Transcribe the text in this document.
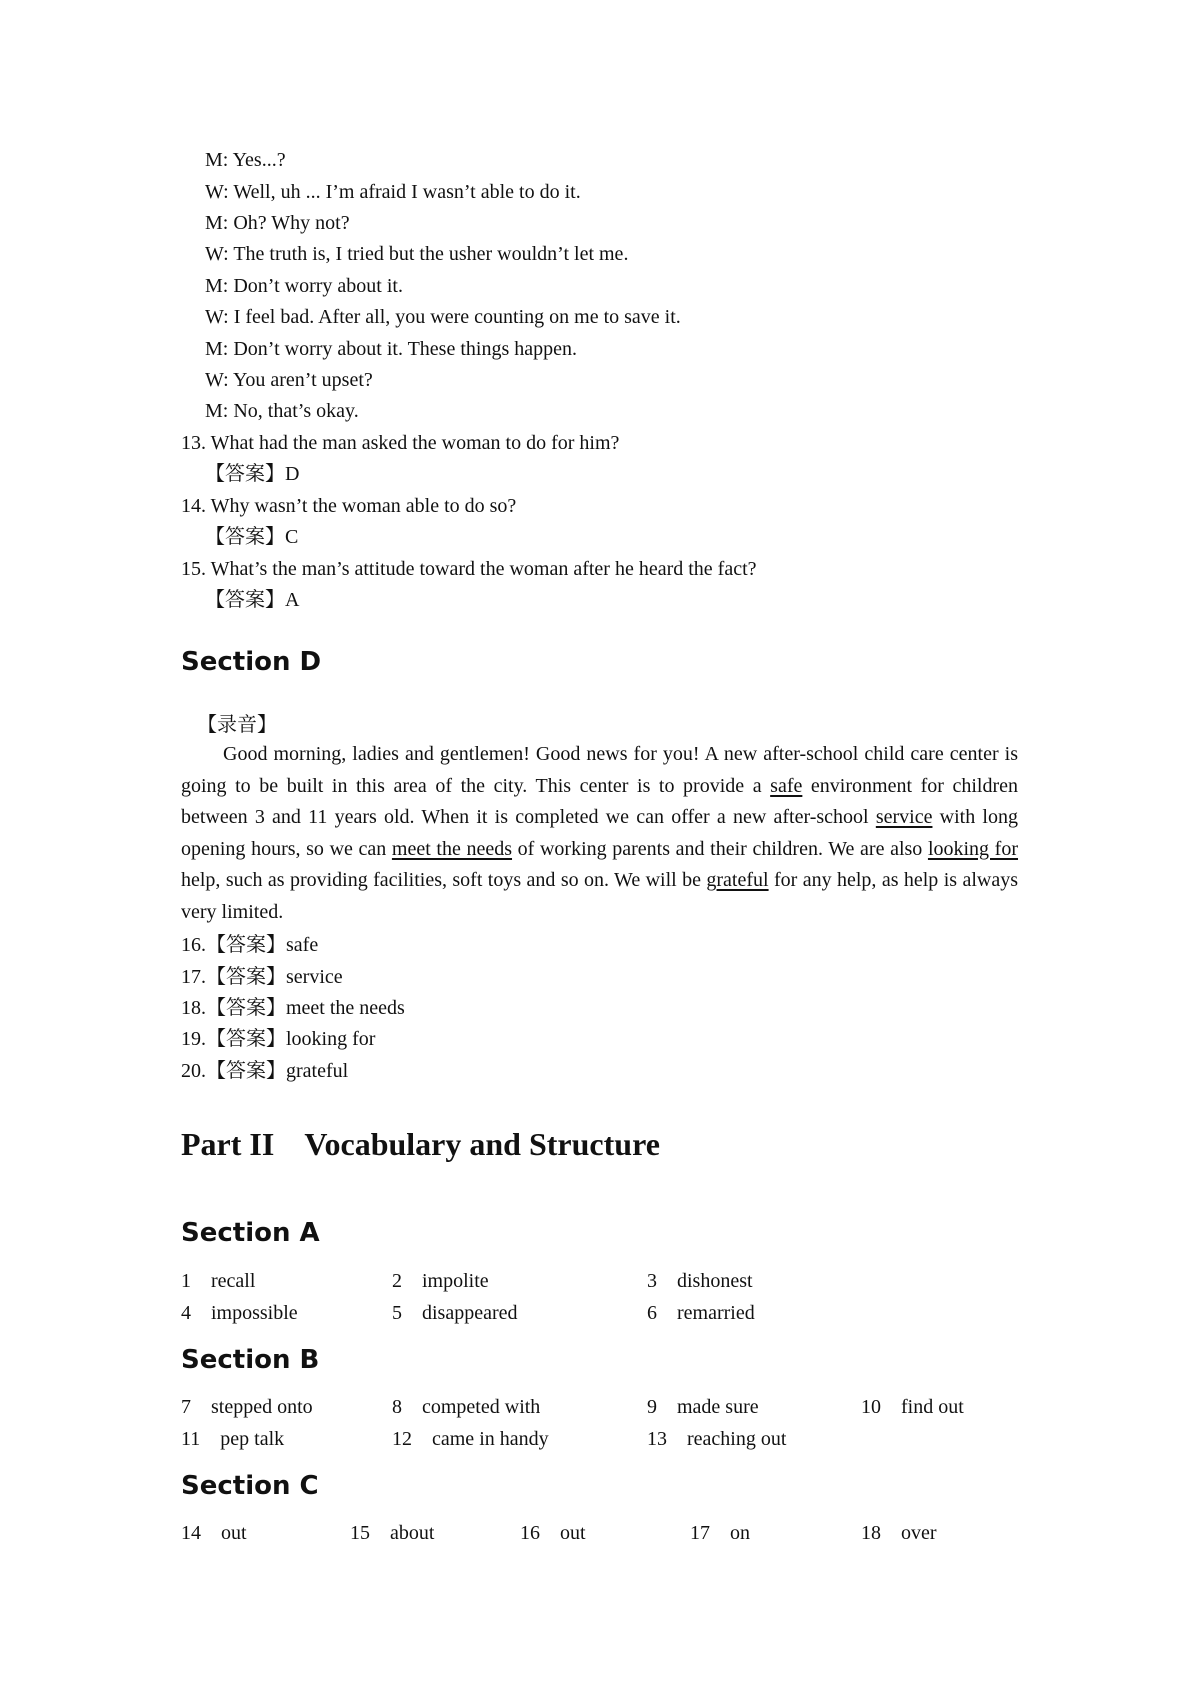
M: Yes...?
W: Well, uh ... I’m afraid I wasn’t able to do it.
M: Oh? Why not?
W: The truth is, I tried but the usher wouldn’t let me.
M: Don’t worry about it.
W: I feel bad. After all, you were counting on me to save it.
M: Don’t worry about it. These things happen.
W: You aren’t upset?
M: No, that’s okay.
13. What had the man asked the woman to do for him?
【答案】D
14. Why wasn’t the woman able to do so?
【答案】C
15. What’s the man’s attitude toward the woman after he heard the fact?
【答案】A
Section D
【录音】
Good morning, ladies and gentlemen! Good news for you! A new after-school child care center is going to be built in this area of the city. This center is to provide a safe environment for children between 3 and 11 years old. When it is completed we can offer a new after-school service with long opening hours, so we can meet the needs of working parents and their children. We are also looking for help, such as providing facilities, soft toys and so on. We will be grateful for any help, as help is always very limited.
16.【答案】safe
17.【答案】service
18.【答案】meet the needs
19.【答案】looking for
20.【答案】grateful
Part II Vocabulary and Structure
Section A
1 recall	2 impolite	3 dishonest
4 impossible	5 disappeared	6 remarried
Section B
7 stepped onto	8 competed with	9 made sure	10 find out
11 pep talk	12 came in handy	13 reaching out
Section C
14 out	15 about	16 out	17 on	18 over
